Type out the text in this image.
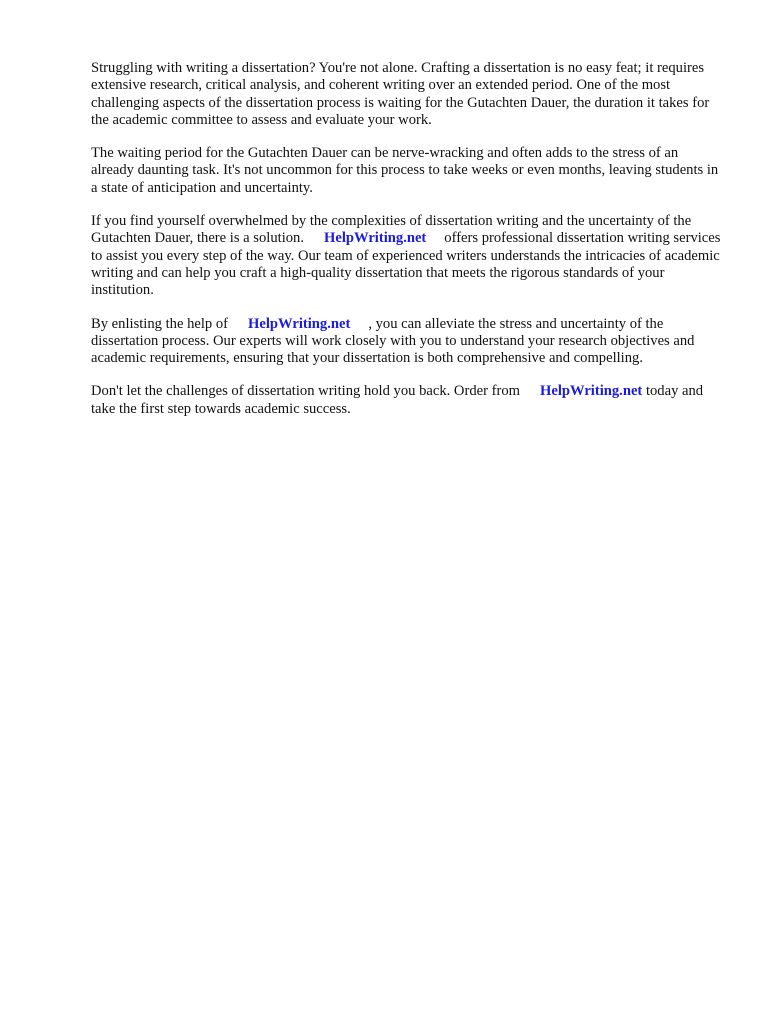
Struggling with writing a dissertation? You're not alone. Crafting a dissertation is no easy feat; it requires extensive research, critical analysis, and coherent writing over an extended period. One of the most challenging aspects of the dissertation process is waiting for the Gutachten Dauer, the duration it takes for the academic committee to assess and evaluate your work.

The waiting period for the Gutachten Dauer can be nerve-wracking and often adds to the stress of an already daunting task. It's not uncommon for this process to take weeks or even months, leaving students in a state of anticipation and uncertainty.

If you find yourself overwhelmed by the complexities of dissertation writing and the uncertainty of the Gutachten Dauer, there is a solution. HelpWriting.net offers professional dissertation writing services to assist you every step of the way. Our team of experienced writers understands the intricacies of academic writing and can help you craft a high-quality dissertation that meets the rigorous standards of your institution.

By enlisting the help of HelpWriting.net , you can alleviate the stress and uncertainty of the dissertation process. Our experts will work closely with you to understand your research objectives and academic requirements, ensuring that your dissertation is both comprehensive and compelling.

Don't let the challenges of dissertation writing hold you back. Order from HelpWriting.net today and take the first step towards academic success.
